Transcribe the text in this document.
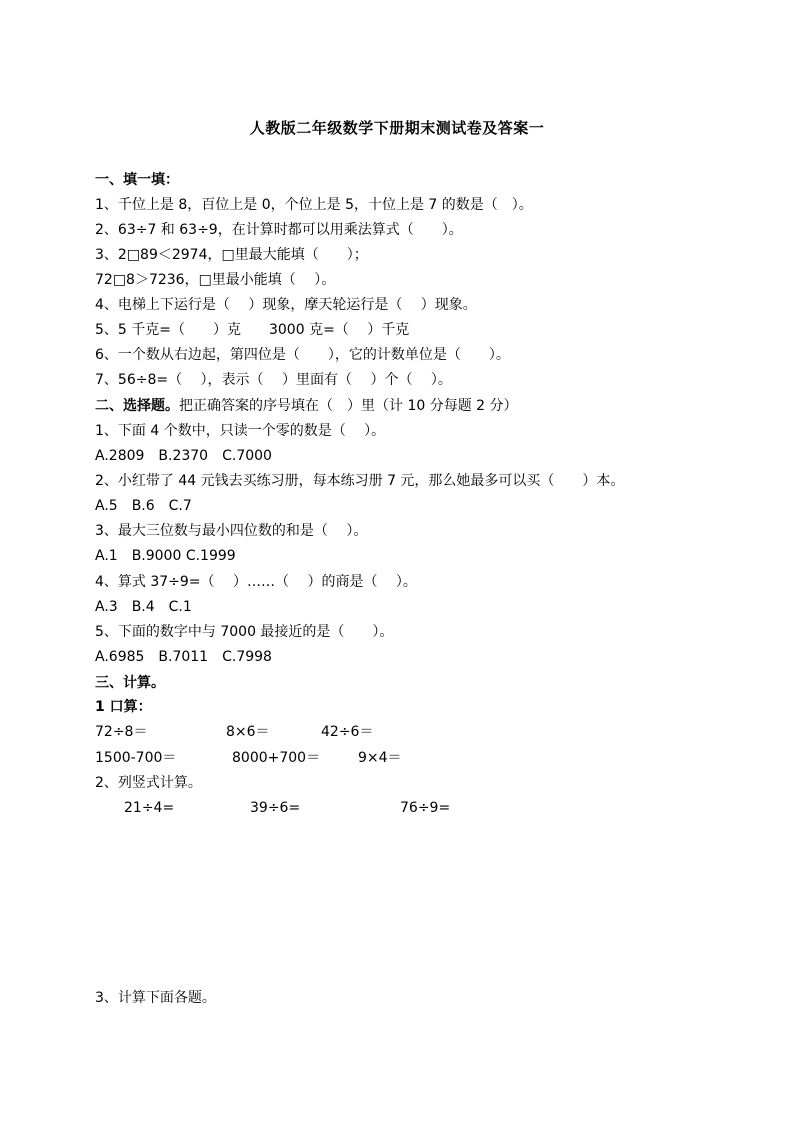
人教版二年级数学下册期末测试卷及答案一
一、填一填：
1、千位上是 8，百位上是 0，个位上是 5，十位上是 7 的数是（　）。
2、63÷7 和 63÷9，在计算时都可以用乘法算式（　　）。
3、2□89＜2974，□里最大能填（　　）；
72□8＞7236，□里最小能填（　 ）。
4、电梯上下运行是（　 ）现象，摩天轮运行是（　 ）现象。
5、5 千克=（　　）克　　3000 克=（　 ）千克
6、一个数从右边起，第四位是（　　），它的计数单位是（　　）。
7、56÷8=（　 ），表示（　 ）里面有（　 ）个（　 ）。
二、选择题。把正确答案的序号填在（　）里（计 10 分每题 2 分）
1、下面 4 个数中，只读一个零的数是（　 ）。
A.2809　B.2370　C.7000
2、小红带了 44 元钱去买练习册，每本练习册 7 元，那么她最多可以买（　　）本。
A.5　B.6　C.7
3、最大三位数与最小四位数的和是（　 ）。
A.1　B.9000 C.1999
4、算式 37÷9=（　 ）……（　 ）的商是（　 ）。
A.3　B.4　C.1
5、下面的数字中与 7000 最接近的是（　　）。
A.6985　B.7011　C.7998
三、计算。
1 口算：
72÷8＝	8×6＝	42÷6＝
1500-700＝	8000+700＝	9×4＝
2、列竖式计算。
21÷4=	39÷6=	76÷9=
3、计算下面各题。
